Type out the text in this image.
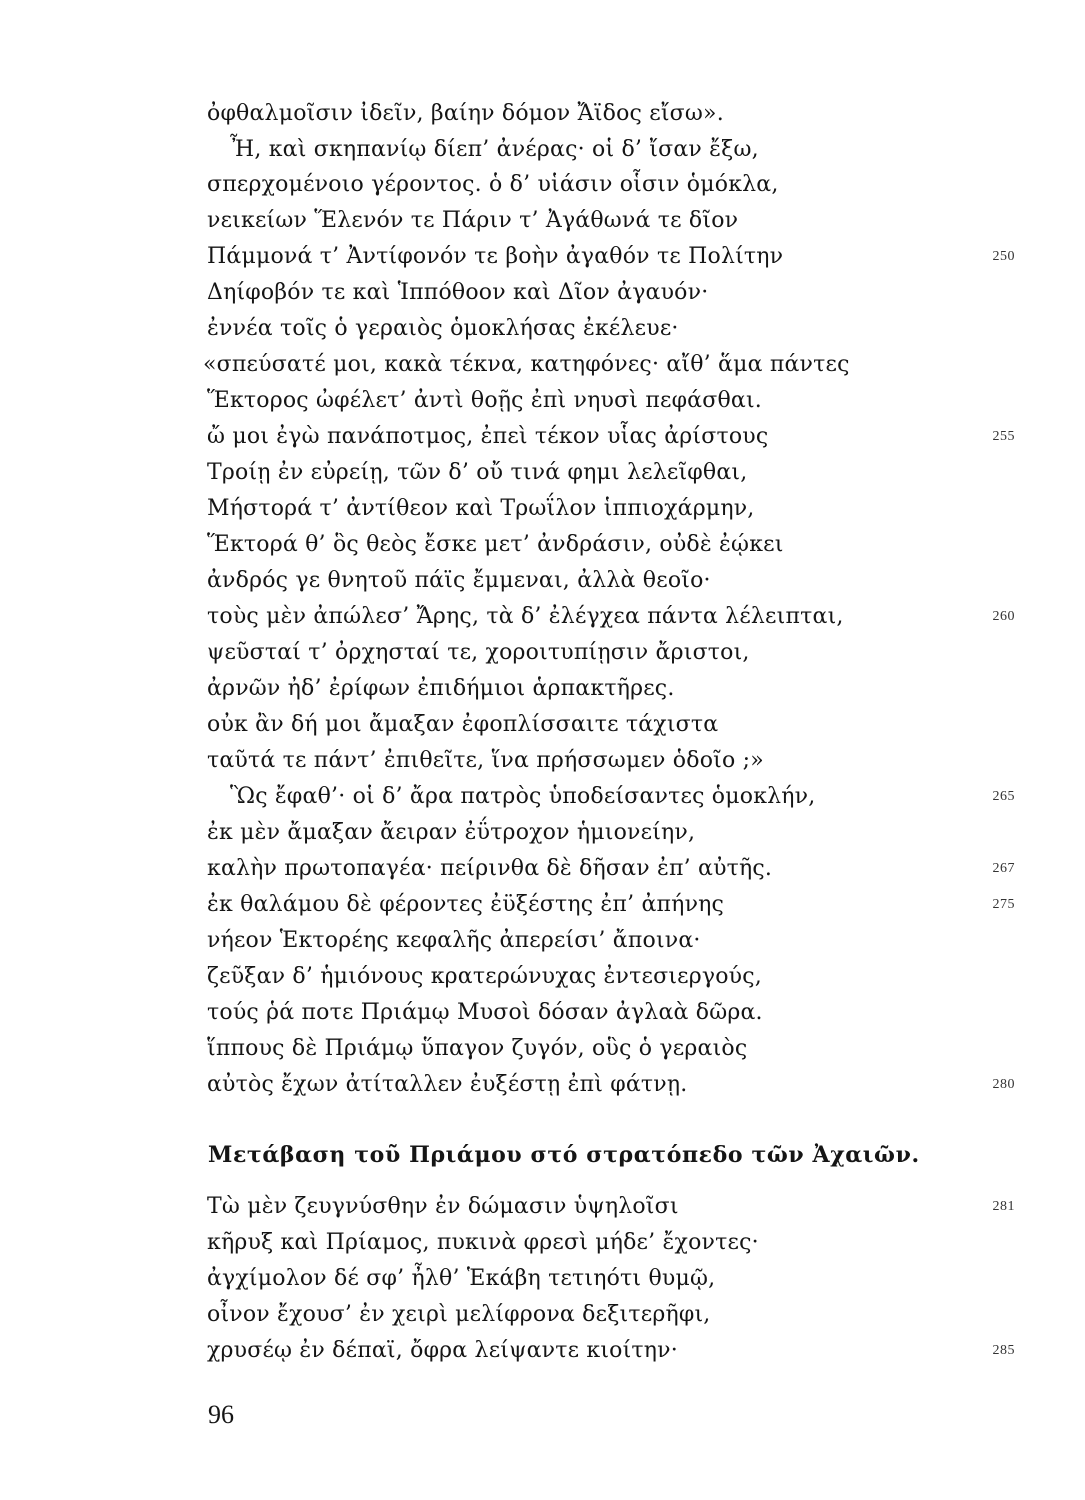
ὀφθαλμοῖσιν ἰδεῖν, βαίην δόμον Ἄϊδος εἴσω».
Ἦ, καὶ σκηπανίῳ δίεπ’ ἀνέρας· οἱ δ’ ἴσαν ἔξω,
σπερχομένοιο γέροντος. ὁ δ’ υἱάσιν οἷσιν ὁμόκλα,
νεικείων Ἕλενόν τε Πάριν τ’ Ἀγάθωνά τε δῖον
Πάμμονά τ’ Ἀντίφονόν τε βοὴν ἀγαθόν τε Πολίτην	250
Δηίφοβόν τε καὶ Ἱππόθοον καὶ Δῖον ἀγαυόν·
ἐννέα τοῖς ὁ γεραιὸς ὁμοκλήσας ἐκέλευε·
«σπεύσατέ μοι, κακὰ τέκνα, κατηφόνες· αἴθ’ ἅμα πάντες
Ἕκτορος ὠφέλετ’ ἀντὶ θοῇς ἐπὶ νηυσὶ πεφάσθαι.
ὤ μοι ἐγὼ πανάποτμος, ἐπεὶ τέκον υἷας ἀρίστους	255
Τροίῃ ἐν εὐρείῃ, τῶν δ’ οὔ τινά φημι λελεῖφθαι,
Μήστορά τ’ ἀντίθεον καὶ Τρωΐλον ἱππιοχάρμην,
Ἕκτορά θ’ ὃς θεὸς ἔσκε μετ’ ἀνδράσιν, οὐδὲ ἐῴκει
ἀνδρός γε θνητοῦ πάϊς ἔμμεναι, ἀλλὰ θεοῖο·
τοὺς μὲν ἀπώλεσ’ Ἄρης, τὰ δ’ ἐλέγχεα πάντα λέλειπται,	260
ψεῦσταί τ’ ὀρχησταί τε, χοροιτυπίῃσιν ἄριστοι,
ἀρνῶν ἠδ’ ἐρίφων ἐπιδήμιοι ἁρπακτῆρες.
οὐκ ἂν δή μοι ἄμαξαν ἐφοπλίσσαιτε τάχιστα
ταῦτά τε πάντ’ ἐπιθεῖτε, ἵνα πρήσσωμεν ὁδοῖο ;»
Ὣς ἔφαθ’· οἱ δ’ ἄρα πατρὸς ὑποδείσαντες ὁμοκλήν,	265
ἐκ μὲν ἄμαξαν ἄειραν ἐΰτροχον ἡμιονείην,
καλὴν πρωτοπαγέα· πείρινθα δὲ δῆσαν ἐπ’ αὐτῆς.	267
ἐκ θαλάμου δὲ φέροντες ἐϋξέστης ἐπ’ ἀπήνης	275
νήεον Ἑκτορέης κεφαλῆς ἀπερείσι’ ἄποινα·
ζεῦξαν δ’ ἡμιόνους κρατερώνυχας ἐντεσιεργούς,
τούς ῥά ποτε Πριάμῳ Μυσοὶ δόσαν ἀγλαὰ δῶρα.
ἵππους δὲ Πριάμῳ ὕπαγον ζυγόν, οὓς ὁ γεραιὸς
αὐτὸς ἔχων ἀτίταλλεν ἐυξέστῃ ἐπὶ φάτνῃ.	280
Μετάβαση τοῦ Πριάμου στό στρατόπεδο τῶν Ἀχαιῶν.
Τὼ μὲν ζευγνύσθην ἐν δώμασιν ὑψηλοῖσι	281
κῆρυξ καὶ Πρίαμος, πυκινὰ φρεσὶ μήδε’ ἔχοντες·
ἀγχίμολον δέ σφ’ ἦλθ’ Ἑκάβη τετιηότι θυμῷ,
οἶνον ἔχουσ’ ἐν χειρὶ μελίφρονα δεξιτερῆφι,
χρυσέῳ ἐν δέπαϊ, ὄφρα λείψαντε κιοίτην·	285
96
